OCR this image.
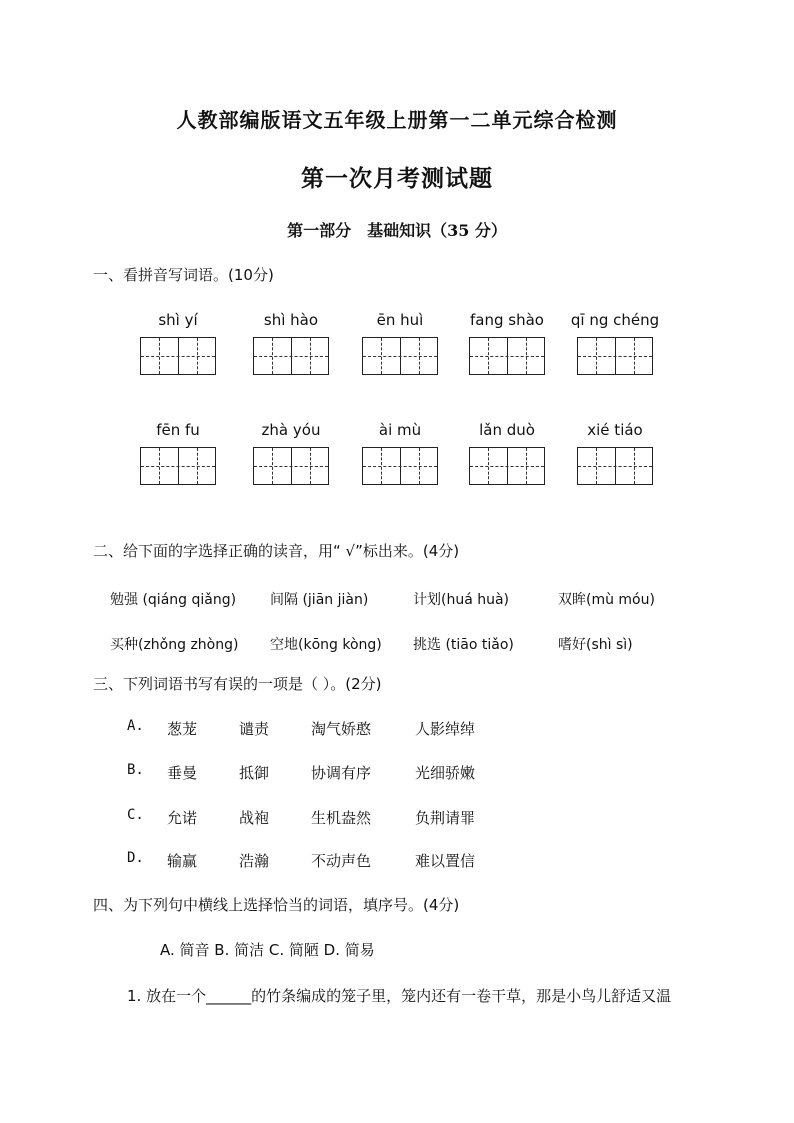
人教部编版语文五年级上册第一二单元综合检测
第一次月考测试题
第一部分　基础知识（35 分）
一、看拼音写词语。(10分)
shì yí	shì hào	ēn huì	fang shào	qī ng chéng
fēn fu	zhà yóu	ài mù	lǎn duò	xié tiáo
二、给下面的字选择正确的读音，用“ √”标出来。(4分)
勉强 (qiáng qiǎng) 间隔 (jiān jiàn)	计划(huá huà)	双眸(mù móu)
买种(zhǒng zhòng) 空地(kōng kòng) 挑选 (tiāo tiǎo)	嗜好(shì sì)
三、下列词语书写有误的一项是（ ）。(2分)
A. 葱茏	谴责	淘气娇憨	人影绰绰
B. 垂曼	抵御	协调有序	光细骄嫩
C. 允诺	战袍	生机盎然	负荆请罪
D. 输赢	浩瀚	不动声色	难以置信
四、为下列句中横线上选择恰当的词语，填序号。(4分)
A. 简音 B. 简洁 C. 简陋 D. 简易
1. 放在一个______的竹条编成的笼子里，笼内还有一卷干草，那是小鸟儿舒适又温
